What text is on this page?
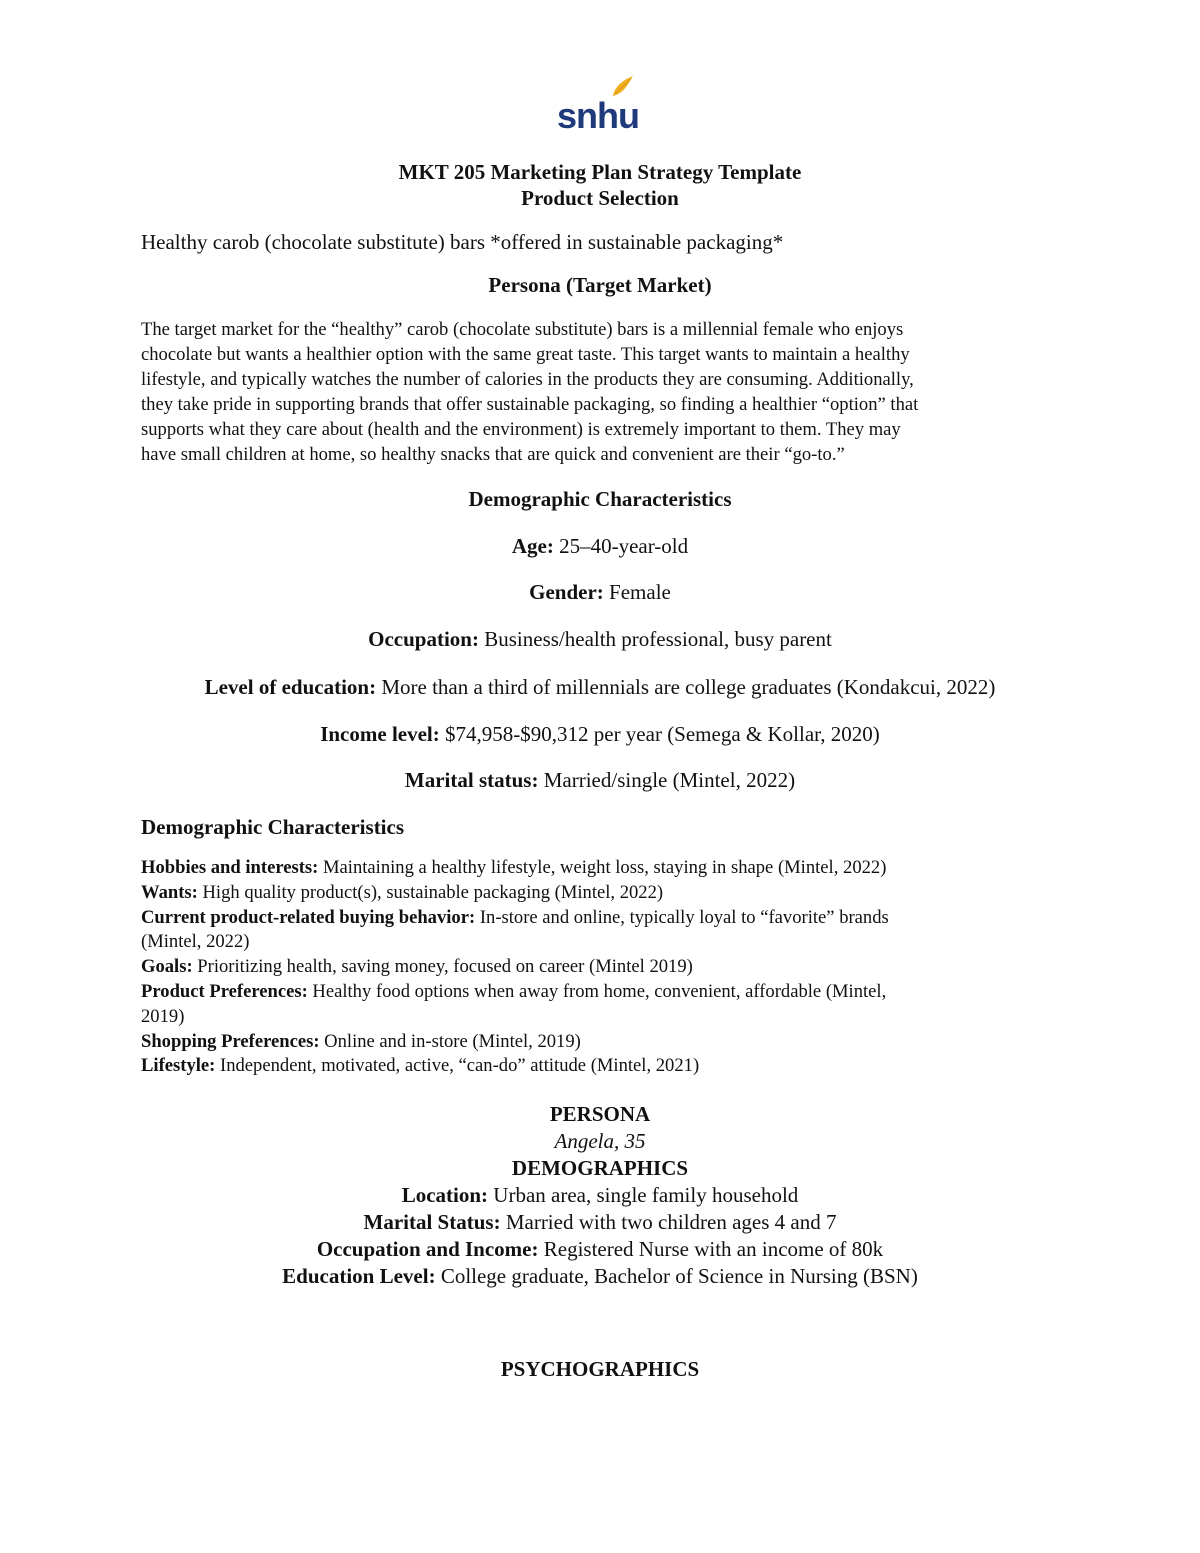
snhu
MKT 205 Marketing Plan Strategy Template
Product Selection
Healthy carob (chocolate substitute) bars *offered in sustainable packaging*
Persona (Target Market)
The target market for the “healthy” carob (chocolate substitute) bars is a millennial female who enjoys
chocolate but wants a healthier option with the same great taste. This target wants to maintain a healthy
lifestyle, and typically watches the number of calories in the products they are consuming. Additionally,
they take pride in supporting brands that offer sustainable packaging, so finding a healthier “option” that
supports what they care about (health and the environment) is extremely important to them. They may
have small children at home, so healthy snacks that are quick and convenient are their “go-to.”
Demographic Characteristics
Age: 25–40-year-old
Gender: Female
Occupation: Business/health professional, busy parent
Level of education: More than a third of millennials are college graduates (Kondakcui, 2022)
Income level: $74,958-$90,312 per year (Semega & Kollar, 2020)
Marital status: Married/single (Mintel, 2022)
Demographic Characteristics
Hobbies and interests: Maintaining a healthy lifestyle, weight loss, staying in shape (Mintel, 2022)
Wants: High quality product(s), sustainable packaging (Mintel, 2022)
Current product-related buying behavior: In-store and online, typically loyal to “favorite” brands
(Mintel, 2022)
Goals: Prioritizing health, saving money, focused on career (Mintel 2019)
Product Preferences: Healthy food options when away from home, convenient, affordable (Mintel,
2019)
Shopping Preferences: Online and in-store (Mintel, 2019)
Lifestyle: Independent, motivated, active, “can-do” attitude (Mintel, 2021)
PERSONA
Angela, 35
DEMOGRAPHICS
Location: Urban area, single family household
Marital Status: Married with two children ages 4 and 7
Occupation and Income: Registered Nurse with an income of 80k
Education Level: College graduate, Bachelor of Science in Nursing (BSN)
PSYCHOGRAPHICS
